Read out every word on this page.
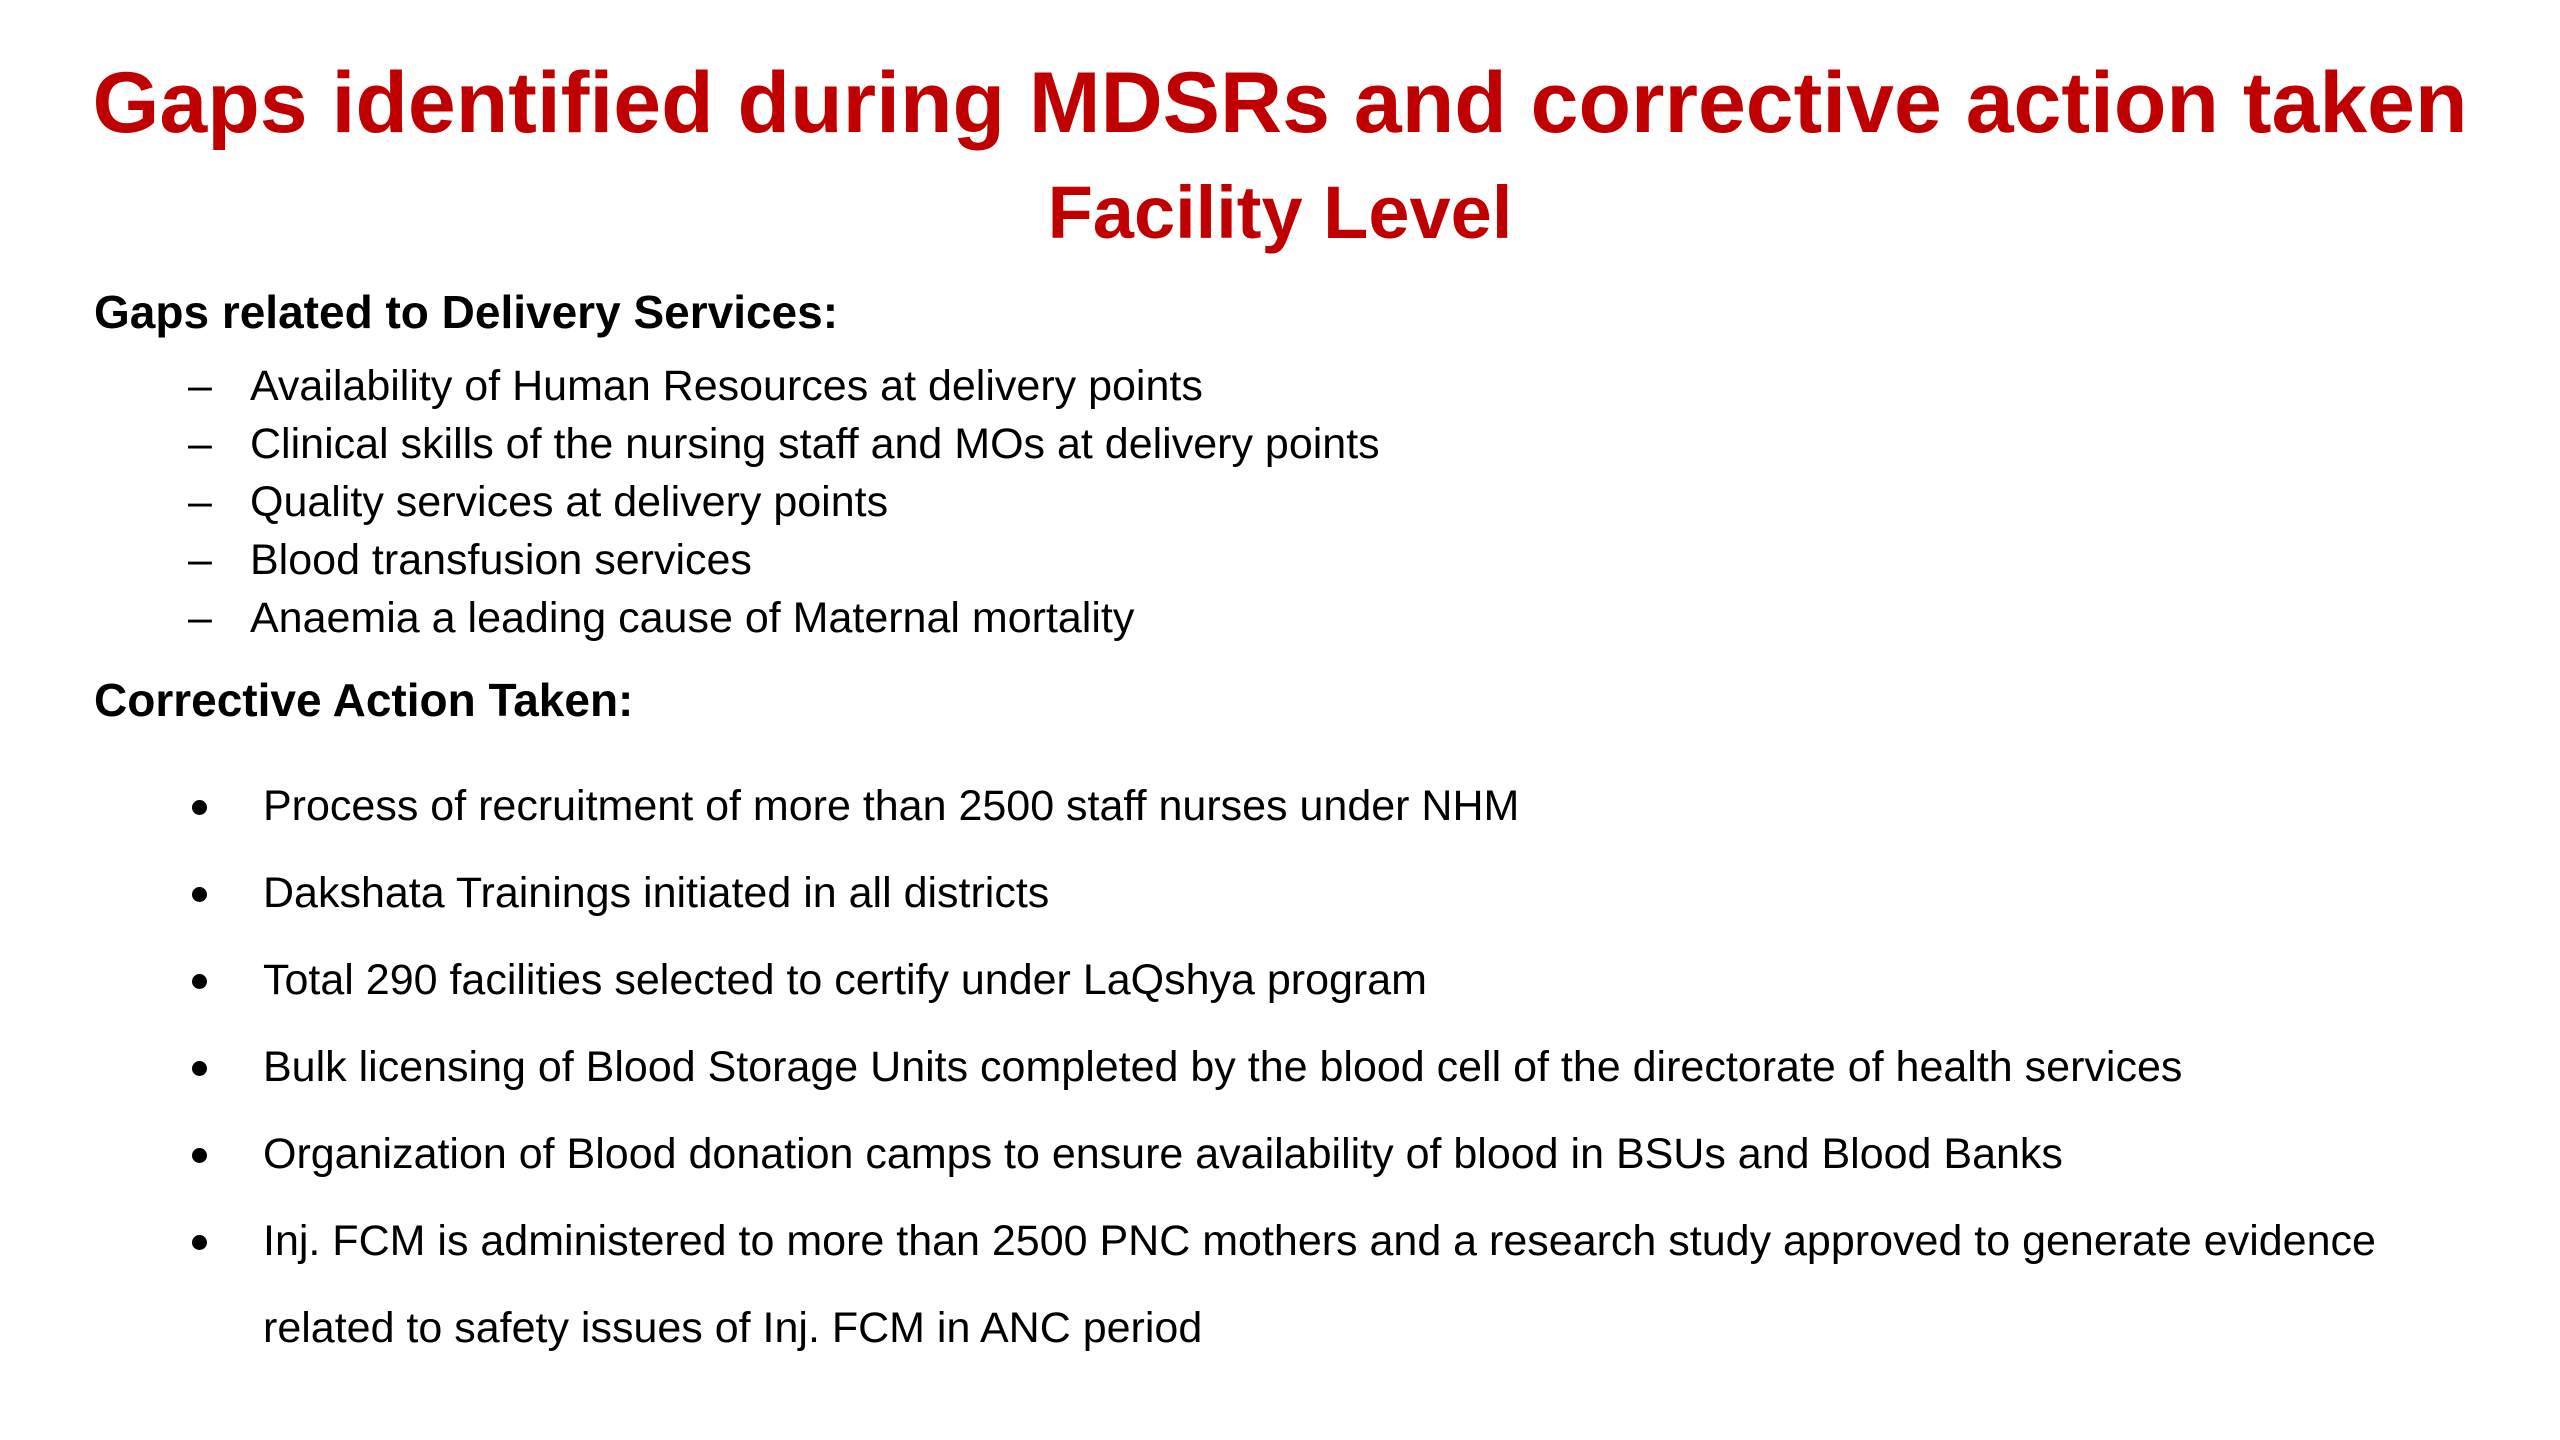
Gaps identified during MDSRs and corrective action taken
Facility Level
Gaps related to Delivery Services:
– Availability of Human Resources at delivery points
– Clinical skills of the nursing staff and MOs at delivery points
– Quality services at delivery points
– Blood transfusion services
– Anaemia a leading cause of Maternal mortality
Corrective Action Taken:
Process of recruitment of more than 2500 staff nurses under NHM
Dakshata Trainings initiated in all districts
Total 290 facilities selected to certify under LaQshya program
Bulk licensing of Blood Storage Units completed by the blood cell of the directorate of health services
Organization of Blood donation camps to ensure availability of blood in BSUs and Blood Banks
Inj. FCM is administered to more than 2500 PNC mothers and a research study approved to generate evidence related to safety issues of Inj. FCM in ANC period
